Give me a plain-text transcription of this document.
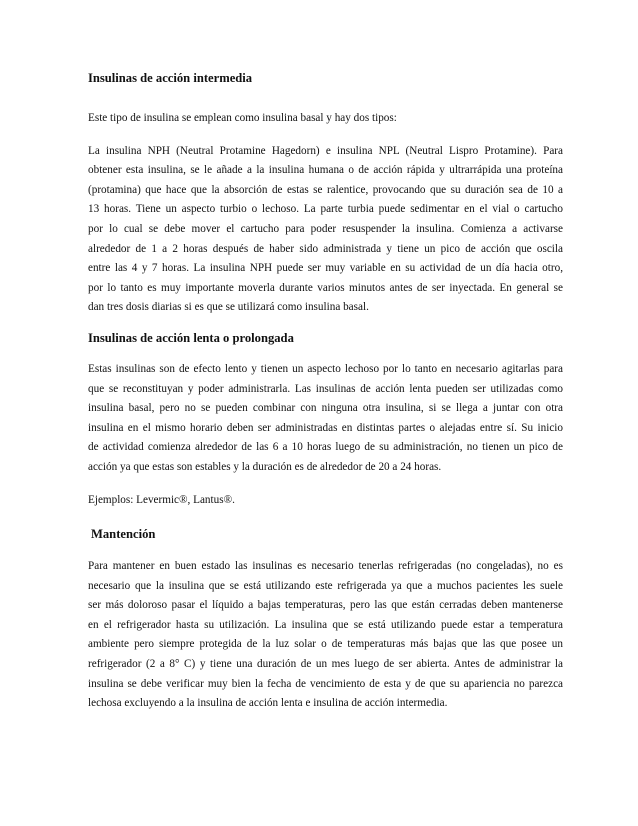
Insulinas de acción intermedia

Este tipo de insulina se emplean como insulina basal y hay dos tipos:

La insulina NPH (Neutral Protamine Hagedorn) e insulina NPL (Neutral Lispro Protamine). Para
obtener esta insulina, se le añade a la insulina humana o de acción rápida y ultrarrápida una proteína
(protamina) que hace que la absorción de estas se ralentice, provocando que su duración sea de 10 a
13 horas. Tiene un aspecto turbio o lechoso. La parte turbia puede sedimentar en el vial o cartucho
por lo cual se debe mover el cartucho para poder resuspender la insulina. Comienza a activarse
alrededor de 1 a 2 horas después de haber sido administrada y tiene un pico de acción que oscila
entre las 4 y 7 horas. La insulina NPH puede ser muy variable en su actividad de un día hacia otro,
por lo tanto es muy importante moverla durante varios minutos antes de ser inyectada. En general se
dan tres dosis diarias si es que se utilizará como insulina basal.

Insulinas de acción lenta o prolongada

Estas insulinas son de efecto lento y tienen un aspecto lechoso por lo tanto en necesario agitarlas para
que se reconstituyan y poder administrarla. Las insulinas de acción lenta pueden ser utilizadas como
insulina basal, pero no se pueden combinar con ninguna otra insulina, si se llega a juntar con otra
insulina en el mismo horario deben ser administradas en distintas partes o alejadas entre sí. Su inicio
de actividad comienza alrededor de las 6 a 10 horas luego de su administración, no tienen un pico de
acción ya que estas son estables y la duración es de alrededor de 20 a 24 horas.

Ejemplos: Levermic®, Lantus®.

Mantención

Para mantener en buen estado las insulinas es necesario tenerlas refrigeradas (no congeladas), no es
necesario que la insulina que se está utilizando este refrigerada ya que a muchos pacientes les suele
ser más doloroso pasar el líquido a bajas temperaturas, pero las que están cerradas deben mantenerse
en el refrigerador hasta su utilización. La insulina que se está utilizando puede estar a temperatura
ambiente pero siempre protegida de la luz solar o de temperaturas más bajas que las que posee un
refrigerador (2 a 8° C) y tiene una duración de un mes luego de ser abierta. Antes de administrar la
insulina se debe verificar muy bien la fecha de vencimiento de esta y de que su apariencia no parezca
lechosa excluyendo a la insulina de acción lenta e insulina de acción intermedia.
